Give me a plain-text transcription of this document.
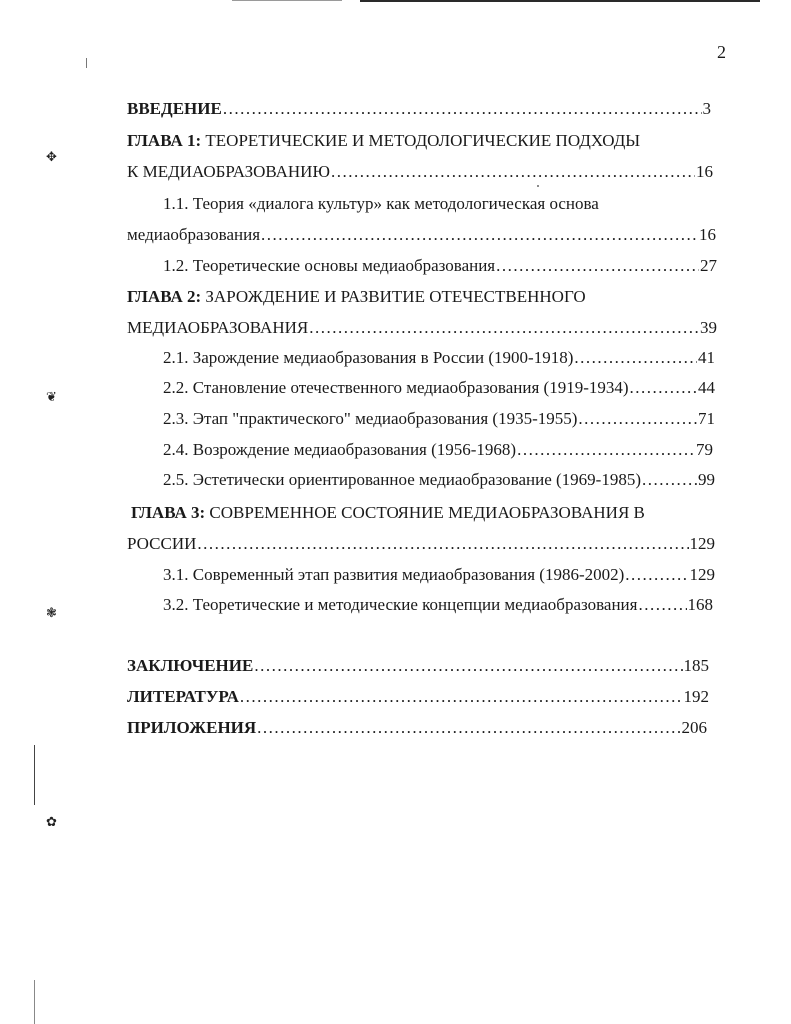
✥
❦
❃
✿
2
ВВЕДЕНИЕ .....	3
ГЛАВА 1: ТЕОРЕТИЧЕСКИЕ И МЕТОДОЛОГИЧЕСКИЕ ПОДХОДЫ
К МЕДИАОБРАЗОВАНИЮ .....	16
1.1. Теория «диалога культур» как методологическая основа
медиаобразования .....	16
1.2. Теоретические основы медиаобразования .....	27
ГЛАВА 2: ЗАРОЖДЕНИЕ И РАЗВИТИЕ ОТЕЧЕСТВЕННОГО
МЕДИАОБРАЗОВАНИЯ .....	39
2.1. Зарождение медиаобразования в России (1900-1918) .....	41
2.2. Становление отечественного медиаобразования (1919-1934) .....	44
2.3. Этап "практического" медиаобразования (1935-1955) .....	71
2.4. Возрождение медиаобразования (1956-1968) .....	79
2.5. Эстетически ориентированное медиаобразование (1969-1985) .....	99
ГЛАВА 3: СОВРЕМЕННОЕ СОСТОЯНИЕ МЕДИАОБРАЗОВАНИЯ В
РОССИИ .....	129
3.1. Современный этап развития медиаобразования (1986-2002) .....	129
3.2. Теоретические и методические концепции медиаобразования .....	168
ЗАКЛЮЧЕНИЕ .....	185
ЛИТЕРАТУРА .....	192
ПРИЛОЖЕНИЯ .....	206
